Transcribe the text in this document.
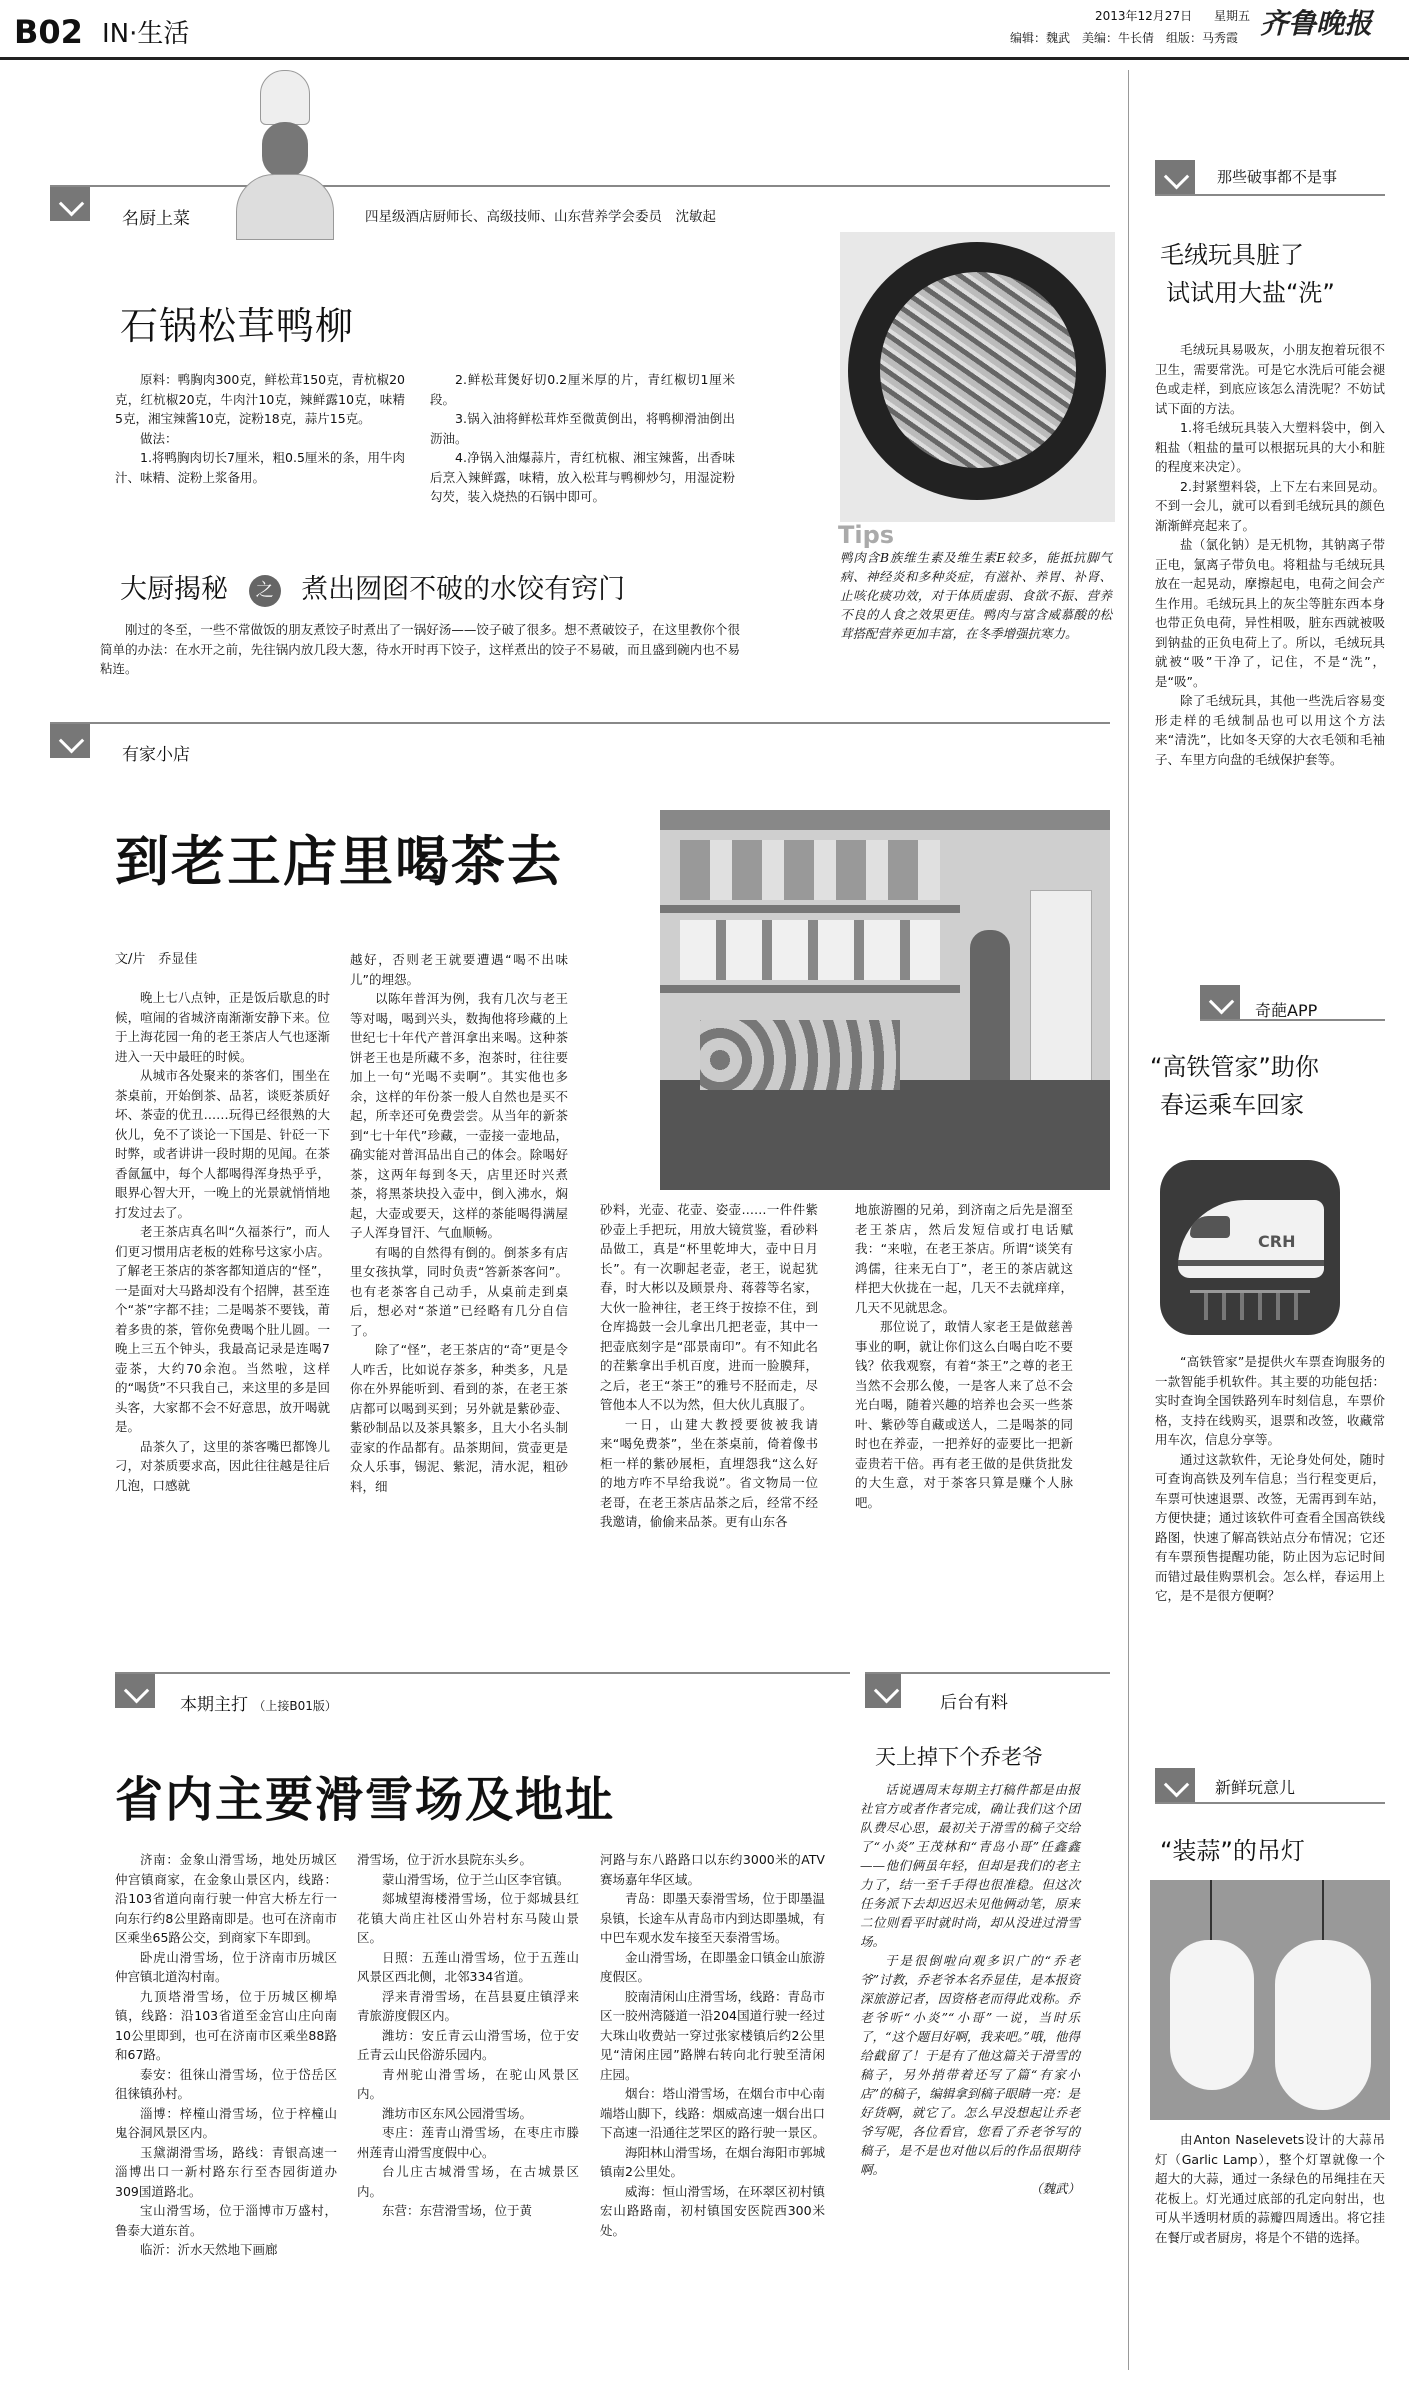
B02 IN·生活
2013年12月27日 星期五
编辑：魏武　美编：牛长倩　组版：马秀霞 齐鲁晚报
名厨上菜	四星级酒店厨师长、高级技师、山东营养学会委员　沈敏起
石锅松茸鸭柳

原料：鸭胸肉300克，鲜松茸150克，青杭椒20克，红杭椒20克，牛肉汁10克，辣鲜露10克，味精5克，湘宝辣酱10克，淀粉18克，蒜片15克。

做法：

1.将鸭胸肉切长7厘米，粗0.5厘米的条，用牛肉汁、味精、淀粉上浆备用。

2.鲜松茸煲好切0.2厘米厚的片，青红椒切1厘米段。

3.锅入油将鲜松茸炸至微黄倒出，将鸭柳滑油倒出沥油。

4.净锅入油爆蒜片，青红杭椒、湘宝辣酱，出香味后烹入辣鲜露，味精，放入松茸与鸭柳炒匀，用湿淀粉勾芡，装入烧热的石锅中即可。

Tips
鸭肉含B族维生素及维生素E较多，能抵抗脚气病、神经炎和多种炎症，有滋补、养胃、补肾、止咳化痰功效，对于体质虚弱、食欲不振、营养不良的人食之效果更佳。鸭肉与富含威慕酸的松茸搭配营养更加丰富，在冬季增强抗寒力。
大厨揭秘 之 煮出囫囵不破的水饺有窍门
刚过的冬至，一些不常做饭的朋友煮饺子时煮出了一锅好汤——饺子破了很多。想不煮破饺子，在这里教你个很简单的办法：在水开之前，先往锅内放几段大葱，待水开时再下饺子，这样煮出的饺子不易破，而且盛到碗内也不易粘连。
有家小店
到老王店里喝茶去
文/片　乔显佳

晚上七八点钟，正是饭后歇息的时候，喧闹的省城济南渐渐安静下来。位于上海花园一角的老王茶店人气也逐渐进入一天中最旺的时候。

从城市各处聚来的茶客们，围坐在茶桌前，开始倒茶、品茗，谈贬茶质好坏、茶壶的优丑……玩得已经很熟的大伙儿，免不了谈论一下国是、针砭一下时弊，或者讲讲一段时期的见闻。在茶香氤氲中，每个人都喝得浑身热乎乎，眼界心智大开，一晚上的光景就悄悄地打发过去了。

老王茶店真名叫“久福茶行”，而人们更习惯用店老板的姓称号这家小店。了解老王茶店的茶客都知道店的“怪”，一是面对大马路却没有个招牌，甚至连个“茶”字都不挂；二是喝茶不要钱，莆着多贵的茶，管你免费喝个肚儿圆。一晚上三五个钟头，我最高记录是连喝7壶茶，大约70余泡。当然啦，这样的“喝货”不只我自己，来这里的多是回头客，大家都不会不好意思，放开喝就是。

品茶久了，这里的茶客嘴巴都馋儿刁，对茶质要求高，因此往往越是往后几泡，口感就

越好，否则老王就要遭遇“喝不出味儿”的埋怨。

以陈年普洱为例，我有几次与老王等对喝，喝到兴头，数掏他将珍藏的上世纪七十年代产普洱拿出来喝。这种茶饼老王也是所藏不多，泡茶时，往往要加上一句“光喝不卖啊”。其实他也多余，这样的年份茶一般人自然也是买不起，所幸还可免费尝尝。从当年的新茶到“七十年代”珍藏，一壶接一壶地品，确实能对普洱品出自己的体会。除喝好茶，这两年每到冬天，店里还时兴煮茶，将黑茶块投入壶中，倒入沸水，焖起，大壶或要天，这样的茶能喝得满屋子人浑身冒汗、气血顺畅。

有喝的自然得有倒的。倒茶多有店里女孩执掌，同时负责“答新茶客问”。也有老茶客自己动手，从桌前走到桌后，想必对“茶道”已经略有几分自信了。

除了“怪”，老王茶店的“奇”更是令人咋舌，比如说存茶多，种类多，凡是你在外界能听到、看到的茶，在老王茶店都可以喝到买到；另外就是紫砂壶、紫砂制品以及茶具繁多，且大小名头制壶家的作品都有。品茶期间，赏壶更是众人乐事，锡泥、紫泥，清水泥，粗砂料，细

砂料，光壶、花壶、姿壶……一件件紫砂壶上手把玩，用放大镜赏鉴，看砂料品做工，真是“杯里乾坤大，壶中日月长”。有一次聊起老壶，老王，说起犹春，时大彬以及顾景舟、蒋蓉等名家，大伙一脸神往，老王终于按捺不住，到仓库捣鼓一会儿拿出几把老壶，其中一把壶底刻字是“邵景南印”。有不知此名的茬紫拿出手机百度，进而一脸膜拜，之后，老王“茶王”的雅号不胫而走，尽管他本人不以为然，但大伙儿真服了。

一日，山建大教授要彼被我请来“喝免费茶”，坐在茶桌前，倚着像书柜一样的紫砂展柜，直埋怨我“这么好的地方咋不早给我说”。省文物局一位老哥，在老王茶店品茶之后，经常不经我邀请，偷偷来品茶。更有山东各

地旅游圈的兄弟，到济南之后先是溜至老王茶店，然后发短信或打电话赋我：“来啦，在老王茶店。所谓“谈笑有鸿儒，往来无白丁”，老王的茶店就这样把大伙拢在一起，几天不去就痒痒，几天不见就思念。

那位说了，敢情人家老王是做慈善事业的啊，就让你们这么白喝白吃不要钱？依我观察，有着“茶王”之尊的老王当然不会那么傻，一是客人来了总不会光白喝，随着兴趣的培养也会买一些茶叶、紫砂等自藏或送人，二是喝茶的同时也在养壶，一把养好的壶要比一把新壶贵若干倍。再有老王做的是供货批发的大生意，对于茶客只算是赚个人脉吧。

本期主打 （上接B01版）
省内主要滑雪场及地址

济南：金象山滑雪场，地处历城区仲宫镇商家，在金象山景区内，线路：沿103省道向南行驶一仲宫大桥左行一向东行约8公里路南即是。也可在济南市区乘坐65路公交，到商家下车即到。

卧虎山滑雪场，位于济南市历城区仲宫镇北道沟村南。

九顶塔滑雪场，位于历城区柳埠镇，线路：沿103省道至金宫山庄向南10公里即到，也可在济南市区乘坐88路和67路。

泰安：徂徕山滑雪场，位于岱岳区徂徕镇孙村。

淄博：梓橦山滑雪场，位于梓橦山鬼谷洞风景区内。

玉黛湖滑雪场，路线：青银高速一淄博出口一新村路东行至杏园街道办309国道路北。

宝山滑雪场，位于淄博市万盛村，鲁泰大道东首。

临沂：沂水天然地下画廊

滑雪场，位于沂水县院东头乡。

蒙山滑雪场，位于兰山区李官镇。

郯城望海楼滑雪场，位于郯城县红花镇大尚庄社区山外岩村东马陵山景区。

日照：五莲山滑雪场，位于五莲山风景区西北侧，北邻334省道。

浮来青滑雪场，在莒县夏庄镇浮来青旅游度假区内。

潍坊：安丘青云山滑雪场，位于安丘青云山民俗游乐园内。

青州驼山滑雪场，在驼山风景区内。

潍坊市区东风公园滑雪场。

枣庄：莲青山滑雪场，在枣庄市滕州莲青山滑雪度假中心。

台儿庄古城滑雪场，在古城景区内。

东营：东营滑雪场，位于黄

河路与东八路路口以东约3000米的ATV赛场嘉年华区域。

青岛：即墨天泰滑雪场，位于即墨温泉镇，长途车从青岛市内到达即墨城，有中巴车观水发车接至天泰滑雪场。

金山滑雪场，在即墨金口镇金山旅游度假区。

胶南清闲山庄滑雪场，线路：青岛市区一胶州湾隧道一沿204国道行驶一经过大珠山收费站一穿过张家楼镇后约2公里见“清闲庄园”路牌右转向北行驶至清闲庄园。

烟台：塔山滑雪场，在烟台市中心南端塔山脚下，线路：烟威高速一烟台出口下高速一沿通往芝罘区的路行驶一景区。

海阳林山滑雪场，在烟台海阳市郭城镇南2公里处。

威海：恒山滑雪场，在环翠区初村镇宏山路路南，初村镇国安医院西300米处。

后台有料
天上掉下个乔老爷

话说遇周末每期主打稿件都是由报社官方或者作者完成，确让我们这个团队费尽心思，最初关于滑雪的稿子交给了“小炎”王茂林和“青岛小哥”任鑫鑫——他们俩虽年轻，但却是我们的老主力了，结一至千手得也很准稳。但这次任务派下去却迟迟未见他俩动笔，原来二位则看平时就时尚，却从没进过滑雪场。

于是很倒啦向观多识广的“乔老爷”讨教，乔老爷本名乔显佳，是本报资深旅游记者，因资格老而得此戏称。乔老爷听“小炎”“小哥”一说，当时乐了，“这个题目好啊，我来吧。”哦，他得给截留了！于是有了他这篇关于滑雪的稿子，另外捎带着还写了篇“有家小店”的稿子，编辑拿到稿子眼睛一亮：是好货啊，就它了。怎么早没想起让乔老爷写呢，各位看官，您看了乔老爷写的稿子，是不是也对他以后的作品很期待啊。

（魏武）

那些破事都不是事
毛绒玩具脏了
试试用大盐“洗”

毛绒玩具易吸灰，小朋友抱着玩很不卫生，需要常洗。可是它水洗后可能会褪色或走样，到底应该怎么清洗呢？不妨试试下面的方法。

1.将毛绒玩具装入大塑料袋中，倒入粗盐（粗盐的量可以根据玩具的大小和脏的程度来决定）。

2.封紧塑料袋，上下左右来回晃动。不到一会儿，就可以看到毛绒玩具的颜色渐渐鲜亮起来了。

盐（氯化钠）是无机物，其钠离子带正电，氯离子带负电。将粗盐与毛绒玩具放在一起晃动，摩擦起电，电荷之间会产生作用。毛绒玩具上的灰尘等脏东西本身也带正负电荷，异性相吸，脏东西就被吸到钠盐的正负电荷上了。所以，毛绒玩具就被“吸”干净了，记住，不是“洗”，是“吸”。

除了毛绒玩具，其他一些洗后容易变形走样的毛绒制品也可以用这个方法来“清洗”，比如冬天穿的大衣毛领和毛袖子、车里方向盘的毛绒保护套等。

奇葩APP
“高铁管家”助你
春运乘车回家
CRH

“高铁管家”是提供火车票查询服务的一款智能手机软件。其主要的功能包括：实时查询全国铁路列车时刻信息，车票价格，支持在线购买，退票和改签，收藏常用车次，信息分享等。

通过这款软件，无论身处何处，随时可查询高铁及列车信息；当行程变更后，车票可快速退票、改签，无需再到车站，方便快捷；通过该软件可查看全国高铁线路图，快速了解高铁站点分布情况；它还有车票预售提醒功能，防止因为忘记时间而错过最佳购票机会。怎么样，春运用上它，是不是很方便啊？

新鲜玩意儿
“装蒜”的吊灯
由Anton Naselevets设计的大蒜吊灯（Garlic Lamp），整个灯罩就像一个超大的大蒜，通过一条绿色的吊绳挂在天花板上。灯光通过底部的孔定向射出，也可从半透明材质的蒜瓣四周透出。将它挂在餐厅或者厨房，将是个不错的选择。
